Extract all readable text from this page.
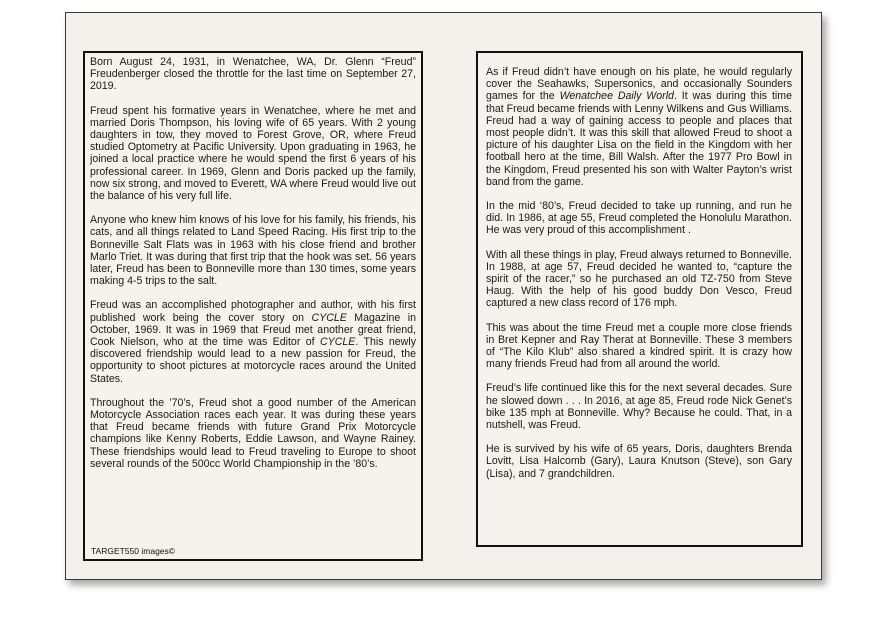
Born August 24, 1931, in Wenatchee, WA, Dr. Glenn “Freud” Freudenberger closed the throttle for the last time on September 27, 2019.

Freud spent his formative years in Wenatchee, where he met and married Doris Thompson, his loving wife of 65 years. With 2 young daughters in tow, they moved to Forest Grove, OR, where Freud studied Optometry at Pacific University. Upon graduating in 1963, he joined a local practice where he would spend the first 6 years of his professional career. In 1969, Glenn and Doris packed up the family, now six strong, and moved to Everett, WA where Freud would live out the balance of his very full life.

Anyone who knew him knows of his love for his family, his friends, his cats, and all things related to Land Speed Racing. His first trip to the Bonneville Salt Flats was in 1963 with his close friend and brother Marlo Triet. It was during that first trip that the hook was set. 56 years later, Freud has been to Bonneville more than 130 times, some years making 4-5 trips to the salt.

Freud was an accomplished photographer and author, with his first published work being the cover story on CYCLE Magazine in October, 1969. It was in 1969 that Freud met another great friend, Cook Nielson, who at the time was Editor of CYCLE. This newly discovered friendship would lead to a new passion for Freud, the opportunity to shoot pictures at motorcycle races around the United States.

Throughout the ’70’s, Freud shot a good number of the American Motorcycle Association races each year. It was during these years that Freud became friends with future Grand Prix Motorcycle champions like Kenny Roberts, Eddie Lawson, and Wayne Rainey. These friendships would lead to Freud traveling to Europe to shoot several rounds of the 500cc World Championship in the ’80’s.

TARGET550 images©

As if Freud didn’t have enough on his plate, he would regularly cover the Seahawks, Supersonics, and occasionally Sounders games for the Wenatchee Daily World. It was during this time that Freud became friends with Lenny Wilkens and Gus Williams. Freud had a way of gaining access to people and places that most people didn’t. It was this skill that allowed Freud to shoot a picture of his daughter Lisa on the field in the Kingdom with her football hero at the time, Bill Walsh. After the 1977 Pro Bowl in the Kingdom, Freud presented his son with Walter Payton’s wrist band from the game.

In the mid ‘80’s, Freud decided to take up running, and run he did. In 1986, at age 55, Freud completed the Honolulu Marathon. He was very proud of this accomplishment .

With all these things in play, Freud always returned to Bonneville. In 1988, at age 57, Freud decided he wanted to, “capture the spirit of the racer,” so he purchased an old TZ-750 from Steve Haug. With the help of his good buddy Don Vesco, Freud captured a new class record of 176 mph.

This was about the time Freud met a couple more close friends in Bret Kepner and Ray Therat at Bonneville. These 3 members of “The Kilo Klub” also shared a kindred spirit. It is crazy how many friends Freud had from all around the world.

Freud’s life continued like this for the next several decades. Sure he slowed down . . . In 2016, at age 85, Freud rode Nick Genet’s bike 135 mph at Bonneville. Why? Because he could. That, in a nutshell, was Freud.

He is survived by his wife of 65 years, Doris, daughters Brenda Lovitt, Lisa Halcomb (Gary), Laura Knutson (Steve), son Gary (Lisa), and 7 grandchildren.
